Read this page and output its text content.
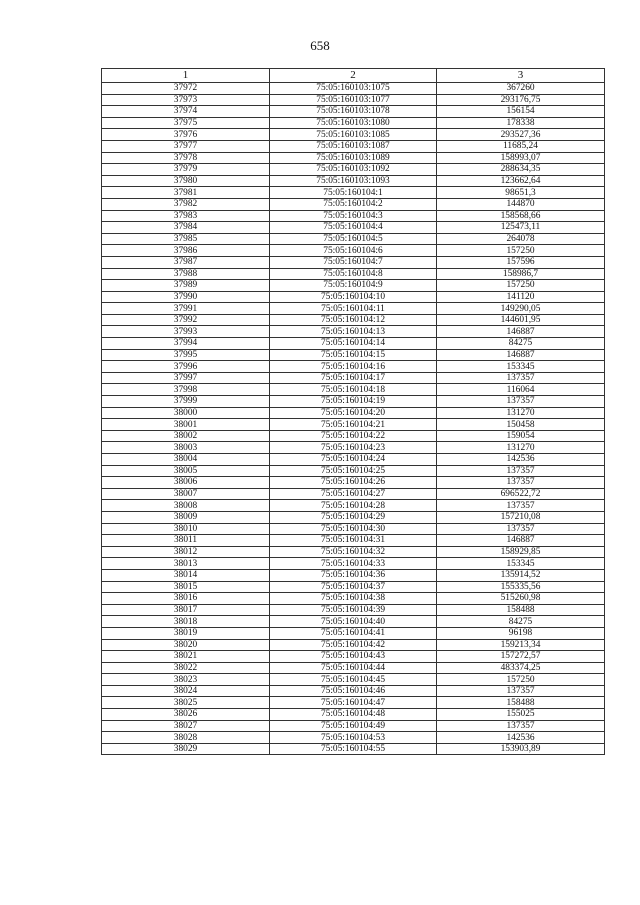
658
1	2	3
37972	75:05:160103:1075	367260
37973	75:05:160103:1077	293176,75
37974	75:05:160103:1078	156154
37975	75:05:160103:1080	178338
37976	75:05:160103:1085	293527,36
37977	75:05:160103:1087	11685,24
37978	75:05:160103:1089	158993,07
37979	75:05:160103:1092	288634,35
37980	75:05:160103:1093	123662,64
37981	75:05:160104:1	98651,3
37982	75:05:160104:2	144870
37983	75:05:160104:3	158568,66
37984	75:05:160104:4	125473,11
37985	75:05:160104:5	264078
37986	75:05:160104:6	157250
37987	75:05:160104:7	157596
37988	75:05:160104:8	158986,7
37989	75:05:160104:9	157250
37990	75:05:160104:10	141120
37991	75:05:160104:11	149290,05
37992	75:05:160104:12	144601,95
37993	75:05:160104:13	146887
37994	75:05:160104:14	84275
37995	75:05:160104:15	146887
37996	75:05:160104:16	153345
37997	75:05:160104:17	137357
37998	75:05:160104:18	116064
37999	75:05:160104:19	137357
38000	75:05:160104:20	131270
38001	75:05:160104:21	150458
38002	75:05:160104:22	159054
38003	75:05:160104:23	131270
38004	75:05:160104:24	142536
38005	75:05:160104:25	137357
38006	75:05:160104:26	137357
38007	75:05:160104:27	696522,72
38008	75:05:160104:28	137357
38009	75:05:160104:29	157210,08
38010	75:05:160104:30	137357
38011	75:05:160104:31	146887
38012	75:05:160104:32	158929,85
38013	75:05:160104:33	153345
38014	75:05:160104:36	135914,52
38015	75:05:160104:37	155335,56
38016	75:05:160104:38	515260,98
38017	75:05:160104:39	158488
38018	75:05:160104:40	84275
38019	75:05:160104:41	96198
38020	75:05:160104:42	159213,34
38021	75:05:160104:43	157272,57
38022	75:05:160104:44	483374,25
38023	75:05:160104:45	157250
38024	75:05:160104:46	137357
38025	75:05:160104:47	158488
38026	75:05:160104:48	155025
38027	75:05:160104:49	137357
38028	75:05:160104:53	142536
38029	75:05:160104:55	153903,89
